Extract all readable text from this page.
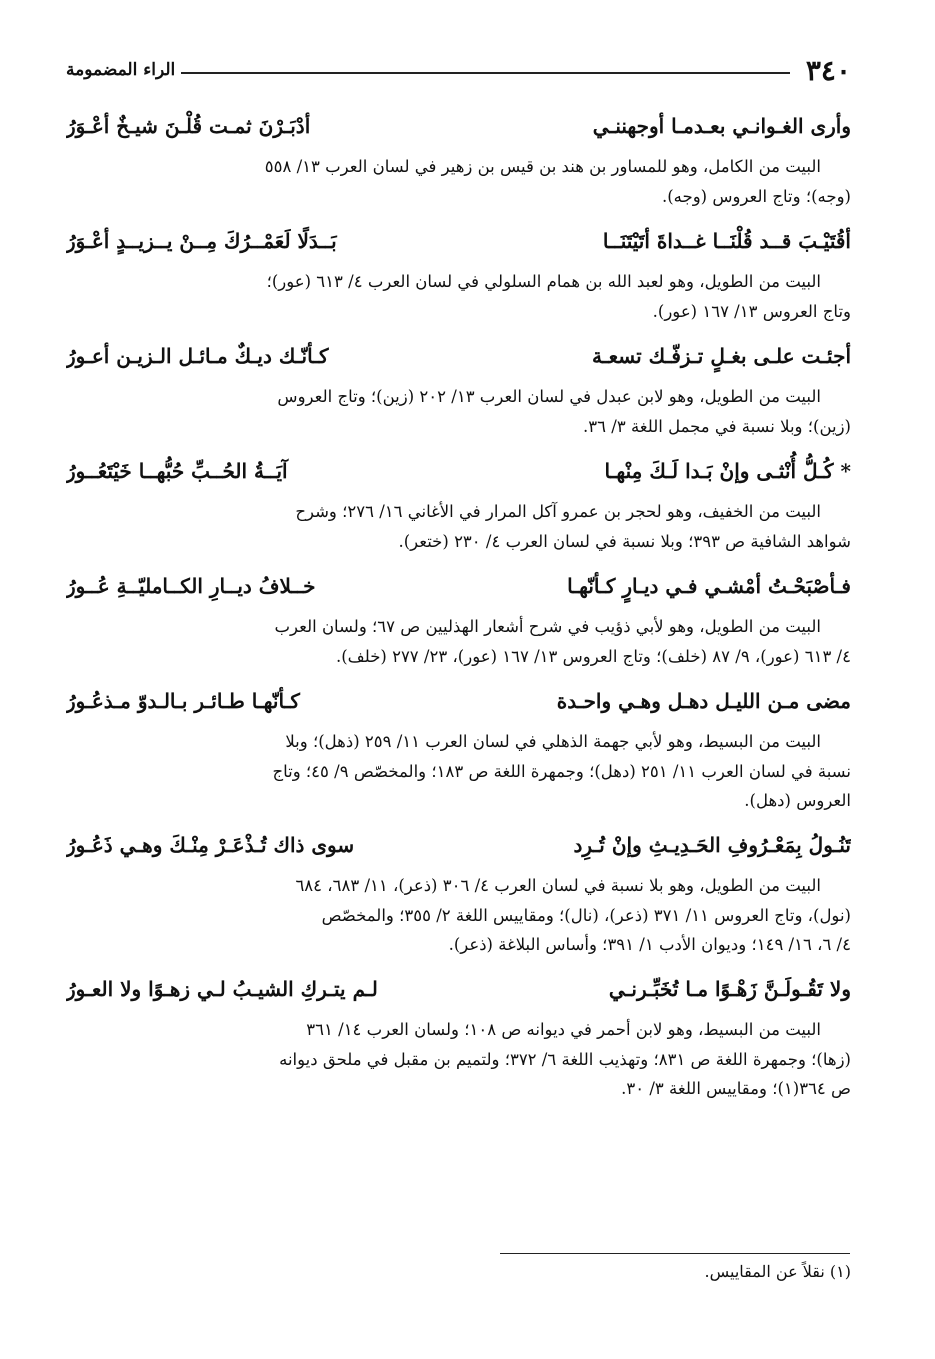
٣٤٠
الراء المضمومة
وأرى الغـوانـي بعـدمـا أوجهننـي
أدْبَـرْنَ ثمـت قُلْـنَ شيـخٌ أعْـوَرُ

البيت من الكامل، وهو للمساور بن هند بن قيس بن زهير في لسان العرب ١٣/ ٥٥٨

(وجه)؛ وتاج العروس (وجه).

أقُتَيْـبَ قــد قُلْنَــا غــداةَ أتَيْتَنَــا
بَــدَلًا لَعَمْــرُكَ مِــنْ يــزيــدٍ أعْـوَرُ

البيت من الطويل، وهو لعبد الله بن همام السلولي في لسان العرب ٤/ ٦١٣ (عور)؛

وتاج العروس ١٣/ ١٦٧ (عور).

أجئـت علـى بغـلٍ تـزفّـك تسعـة
كـأنّـك ديـكٌ مـائـل الـزيـن أعـورُ

البيت من الطويل، وهو لابن عبدل في لسان العرب ١٣/ ٢٠٢ (زين)؛ وتاج العروس

(زين)؛ وبلا نسبة في مجمل اللغة ٣/ ٣٦.

* كُـلُّ أُنْثـى وإنْ بَـدا لَـكَ مِنْهـا
آيَــةُ الحُــبِّ حُبُّهــا خَيْتَعُــورُ

البيت من الخفيف، وهو لحجر بن عمرو آكل المرار في الأغاني ١٦/ ٢٧٦؛ وشرح

شواهد الشافية ص ٣٩٣؛ وبلا نسبة في لسان العرب ٤/ ٢٣٠ (ختعر).

فـأصْبَحْـتُ أمْشـي فـي ديـارٍ كـأنّهـا
خــلافُ ديــارِ الكــامليّــةِ عُــورُ

البيت من الطويل، وهو لأبي ذؤيب في شرح أشعار الهذليين ص ٦٧؛ ولسان العرب

٤/ ٦١٣ (عور)، ٩/ ٨٧ (خلف)؛ وتاج العروس ١٣/ ١٦٧ (عور)، ٢٣/ ٢٧٧ (خلف).

مضى مـن الليـل دهـل وهـي واحـدة
كـأنّهـا طـائـر بـالـدوّ مـذعُـورُ

البيت من البسيط، وهو لأبي جهمة الذهلي في لسان العرب ١١/ ٢٥٩ (ذهل)؛ وبلا

نسبة في لسان العرب ١١/ ٢٥١ (دهل)؛ وجمهرة اللغة ص ١٨٣؛ والمخصّص ٩/ ٤٥؛ وتاج

العروس (دهل).

تَنُـولُ بِمَعْـرُوفِ الحَـدِيـثِ وإنْ تُـرِد
سوى ذاك تُـذْعَـرْ مِنْـكَ وهـي ذَعُـورُ

البيت من الطويل، وهو بلا نسبة في لسان العرب ٤/ ٣٠٦ (ذعر)، ١١/ ٦٨٣، ٦٨٤

(نول)، وتاج العروس ١١/ ٣٧١ (ذعر)، (نال)؛ ومقاييس اللغة ٢/ ٣٥٥؛ والمخصّص

٤/ ٦، ١٦/ ١٤٩؛ وديوان الأدب ١/ ٣٩١؛ وأساس البلاغة (ذعر).

ولا تَقُـولَـنَّ زَهْـوًا مـا تُخَبِّـرنـي
لـم يتـركِ الشيـبُ لـي زهـوًا ولا العـورُ

البيت من البسيط، وهو لابن أحمر في ديوانه ص ١٠٨؛ ولسان العرب ١٤/ ٣٦١

(زها)؛ وجمهرة اللغة ص ٨٣١؛ وتهذيب اللغة ٦/ ٣٧٢؛ ولتميم بن مقبل في ملحق ديوانه

ص ٣٦٤(١)؛ ومقاييس اللغة ٣/ ٣٠.

(١) نقلاً عن المقاييس.
